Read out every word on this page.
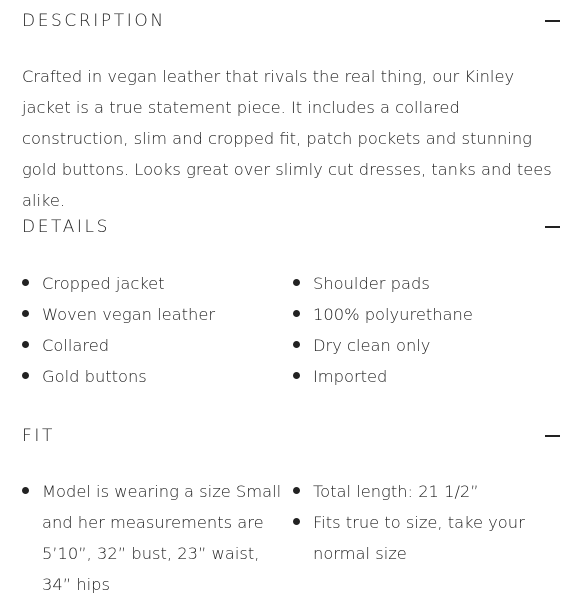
DESCRIPTION

Crafted in vegan leather that rivals the real thing, our Kinley jacket is a true statement piece. It includes a collared construction, slim and cropped fit, patch pockets and stunning gold buttons. Looks great over slimly cut dresses, tanks and tees alike.

DETAILS
Cropped jacket
Woven vegan leather
Collared
Gold buttons
Shoulder pads
100% polyurethane
Dry clean only
Imported
FIT
Model is wearing a size Small and her measurements are 5’10”, 32” bust, 23” waist, 34” hips
Total length: 21 1/2”
Fits true to size, take your normal size
